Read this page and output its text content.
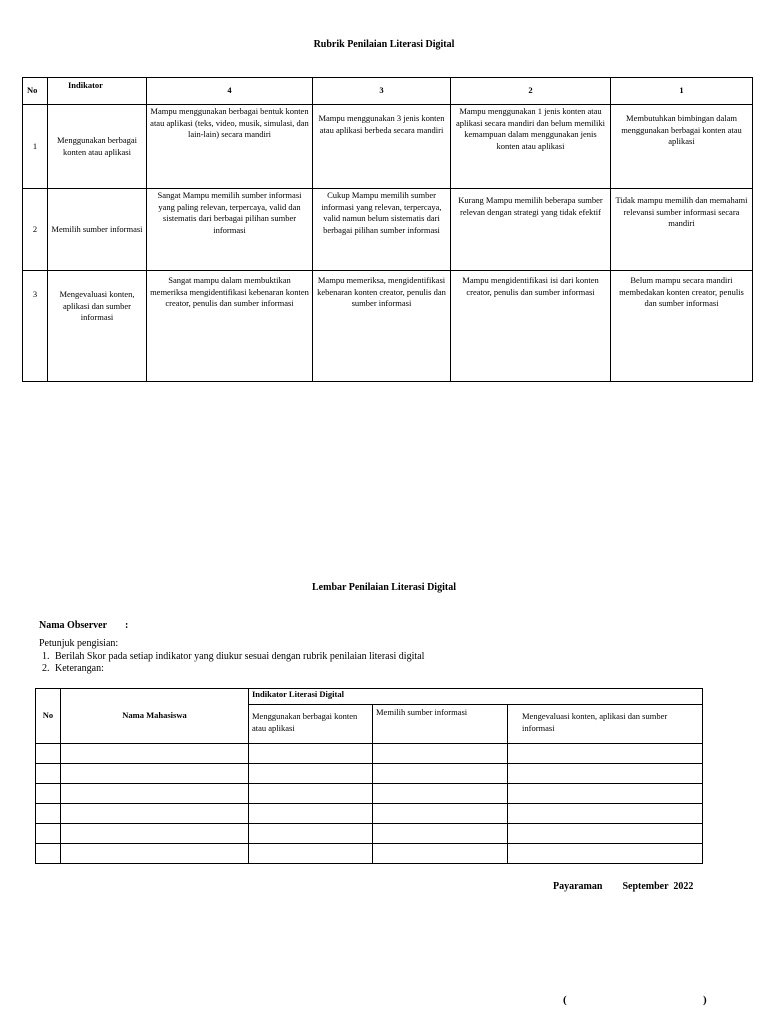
Rubrik Penilaian Literasi Digital
No	Indikator	4	3	2	1
1	Menggunakan berbagai konten atau aplikasi	Mampu menggunakan berbagai bentuk konten atau aplikasi (teks, video, musik, simulasi, dan lain-lain) secara mandiri	Mampu menggunakan 3 jenis konten atau aplikasi berbeda secara mandiri	Mampu menggunakan 1 jenis konten atau aplikasi secara mandiri dan belum memiliki kemampuan dalam menggunakan jenis konten atau aplikasi	Membutuhkan bimbingan dalam menggunakan berbagai konten atau aplikasi
2	Memilih sumber informasi	Sangat Mampu memilih sumber informasi yang paling relevan, terpercaya, valid dan sistematis dari berbagai pilihan sumber informasi	Cukup Mampu memilih sumber informasi yang relevan, terpercaya, valid namun belum sistematis dari berbagai pilihan sumber informasi	Kurang Mampu memilih beberapa sumber relevan dengan strategi yang tidak efektif	Tidak mampu memilih dan memahami relevansi sumber informasi secara mandiri
3	Mengevaluasi konten, aplikasi dan sumber informasi	Sangat mampu dalam membuktikan memeriksa mengidentifikasi kebenaran konten creator, penulis dan sumber informasi	Mampu memeriksa, mengidentifikasi kebenaran konten creator, penulis dan sumber informasi	Mampu mengidentifikasi isi dari konten creator, penulis dan sumber informasi	Belum mampu secara mandiri membedakan konten creator, penulis dan sumber informasi
Lembar Penilaian Literasi Digital
Nama Observer :
Petunjuk pengisian:
1. Berilah Skor pada setiap indikator yang diukur sesuai dengan rubrik penilaian literasi digital
2. Keterangan:
No	Nama Mahasiswa	Indikator Literasi Digital		
		Menggunakan berbagai konten atau aplikasi	Memilih sumber informasi	Mengevaluasi konten, aplikasi dan sumber informasi

Payaraman September  2022
(	)
